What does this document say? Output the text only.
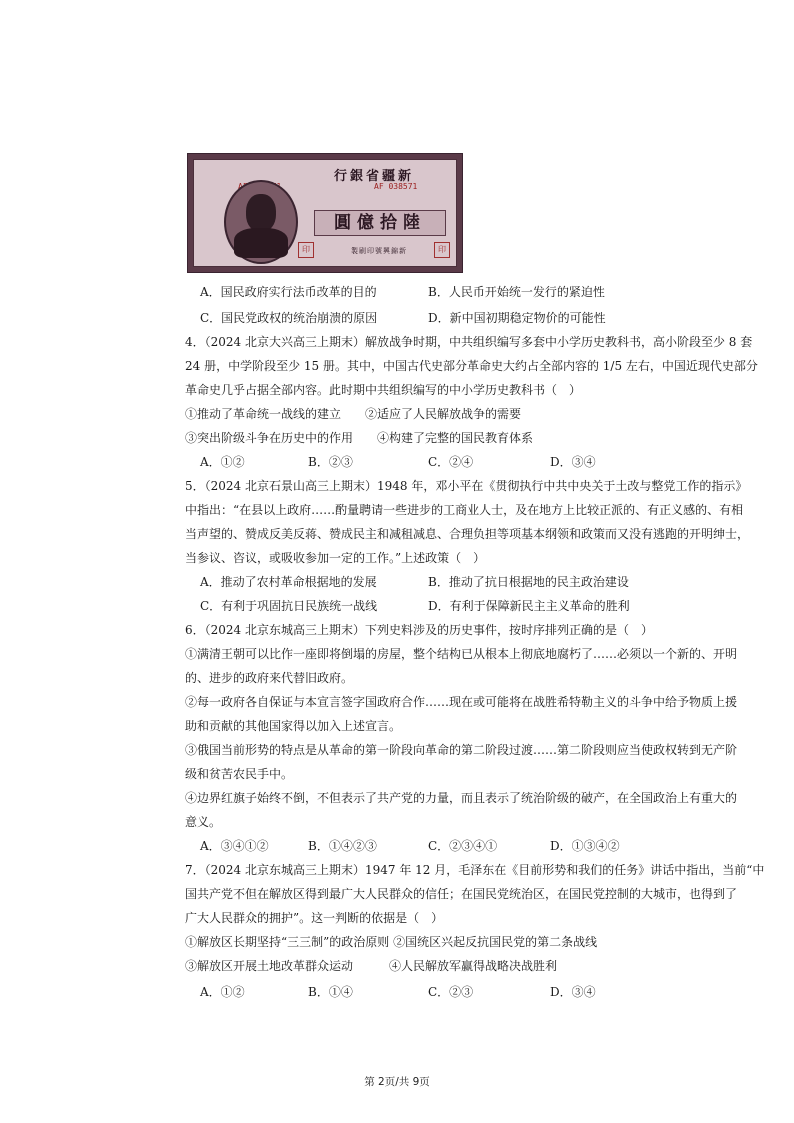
行銀省疆新
AF 038571
圓億拾陸
印	印
製刷印號興錦新
A．国民政府实行法币改革的目的	B．人民币开始统一发行的紧迫性
C．国民党政权的统治崩溃的原因	D．新中国初期稳定物价的可能性
4．（2024 北京大兴高三上期末）解放战争时期，中共组织编写多套中小学历史教科书，高小阶段至少 8 套
24 册，中学阶段至少 15 册。其中，中国古代史部分革命史大约占全部内容的 1/5 左右，中国近现代史部分
革命史几乎占据全部内容。此时期中共组织编写的中小学历史教科书（　）
①推动了革命统一战线的建立　　②适应了人民解放战争的需要
③突出阶级斗争在历史中的作用　　④构建了完整的国民教育体系
A．①②	B．②③	C．②④	D．③④
5．（2024 北京石景山高三上期末）1948 年，邓小平在《贯彻执行中共中央关于土改与整党工作的指示》
中指出：“在县以上政府……酌量聘请一些进步的工商业人士，及在地方上比较正派的、有正义感的、有相
当声望的、赞成反美反蒋、赞成民主和减租减息、合理负担等项基本纲领和政策而又没有逃跑的开明绅士，
当参议、咨议，或吸收参加一定的工作。”上述政策（　）
A．推动了农村革命根据地的发展	B．推动了抗日根据地的民主政治建设
C．有利于巩固抗日民族统一战线	D．有利于保障新民主主义革命的胜利
6．（2024 北京东城高三上期末）下列史料涉及的历史事件，按时序排列正确的是（　）
①满清王朝可以比作一座即将倒塌的房屋，整个结构已从根本上彻底地腐朽了……必须以一个新的、开明
的、进步的政府来代替旧政府。
②每一政府各自保证与本宣言签字国政府合作……现在或可能将在战胜希特勒主义的斗争中给予物质上援
助和贡献的其他国家得以加入上述宣言。
③俄国当前形势的特点是从革命的第一阶段向革命的第二阶段过渡……第二阶段则应当使政权转到无产阶
级和贫苦农民手中。
④边界红旗子始终不倒，不但表示了共产党的力量，而且表示了统治阶级的破产，在全国政治上有重大的
意义。
A．③④①②	B．①④②③	C．②③④①	D．①③④②
7．（2024 北京东城高三上期末）1947 年 12 月，毛泽东在《目前形势和我们的任务》讲话中指出，当前“中
国共产党不但在解放区得到最广大人民群众的信任；在国民党统治区，在国民党控制的大城市，也得到了
广大人民群众的拥护”。这一判断的依据是（　）
①解放区长期坚持“三三制”的政治原则 ②国统区兴起反抗国民党的第二条战线
③解放区开展土地改革群众运动　　　④人民解放军赢得战略决战胜利
A．①②	B．①④	C．②③	D．③④
第 2页/共 9页
